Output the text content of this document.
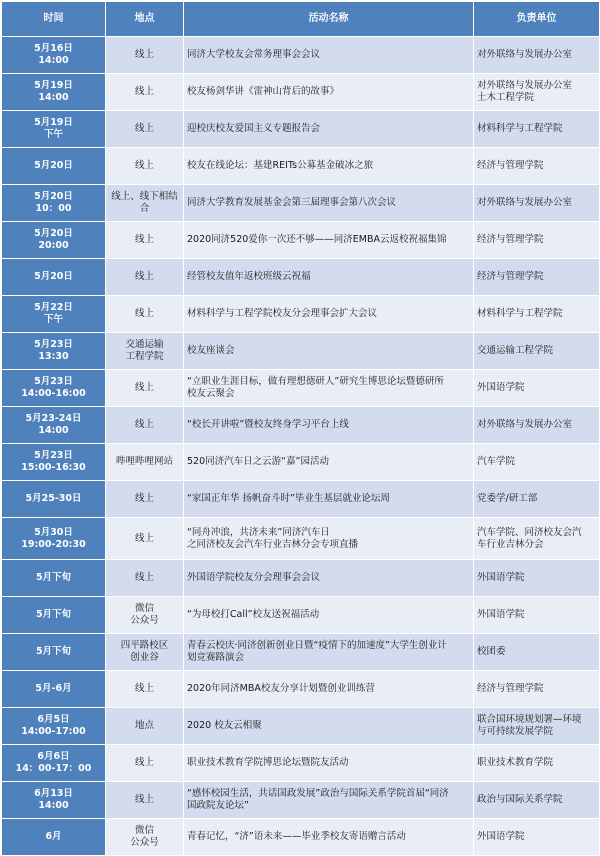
时间	地点	活动名称	负责单位

5月16日
14:00	线上	同济大学校友会常务理事会会议	对外联络与发展办公室

5月19日
14:00	线上	校友杨剑华讲《雷神山背后的故事》	对外联络与发展办公室
土木工程学院

5月19日
下午	线上	迎校庆校友爱国主义专题报告会	材料科学与工程学院

5月20日	线上	校友在线论坛：基建REITs公募基金破冰之旅	经济与管理学院

5月20日
10：00	线上、线下相结
合	同济大学教育发展基金会第三届理事会第八次会议	对外联络与发展办公室

5月20日
20:00	线上	2020同济520爱你一次还不够——同济EMBA云返校祝福集锦	经济与管理学院

5月20日	线上	经管校友值年返校班级云祝福	经济与管理学院

5月22日
下午	线上	材料科学与工程学院校友分会理事会扩大会议	材料科学与工程学院

5月23日
13:30	交通运输
工程学院	校友座谈会	交通运输工程学院

5月23日
14:00-16:00	线上	“立职业生涯目标，做有理想德研人”研究生博思论坛暨德研所
校友云聚会	外国语学院

5月23-24日
14:00	线上	“校长开讲啦”暨校友终身学习平台上线	对外联络与发展办公室

5月23日
15:00-16:30	哔哩哔哩网站	520同济汽车日之云游“嘉”园活动	汽车学院

5月25-30日	线上	“家国正年华 扬帆奋斗时”毕业生基层就业论坛周	党委学/研工部

5月30日
19:00-20:30	线上	“同舟冲浪，共济未来”同济汽车日
之同济校友会汽车行业吉林分会专项直播	汽车学院、同济校友会汽
车行业吉林分会

5月下旬	线上	外国语学院校友分会理事会会议	外国语学院

5月下旬	微信
公众号	“为母校打Call”校友送祝福活动	外国语学院

5月下旬	四平路校区
创业谷	青春云校庆·同济创新创业日暨“疫情下的加速度”大学生创业计
划竞赛路演会	校团委

5月-6月	线上	2020年同济MBA校友分享计划暨创业训练营	经济与管理学院

6月5日
14:00-17:00	地点	2020 校友云相聚	联合国环境规划署—环境
与可持续发展学院

6月6日
14：00-17：00	线上	职业技术教育学院博思论坛暨院友活动	职业技术教育学院

6月13日
14:00	线上	“感怀校园生活，共话国政发展”政治与国际关系学院首届“同济
国政院友论坛”	政治与国际关系学院

6月	微信
公众号	青春记忆，“济”语未来——毕业季校友寄语赠言活动	外国语学院
